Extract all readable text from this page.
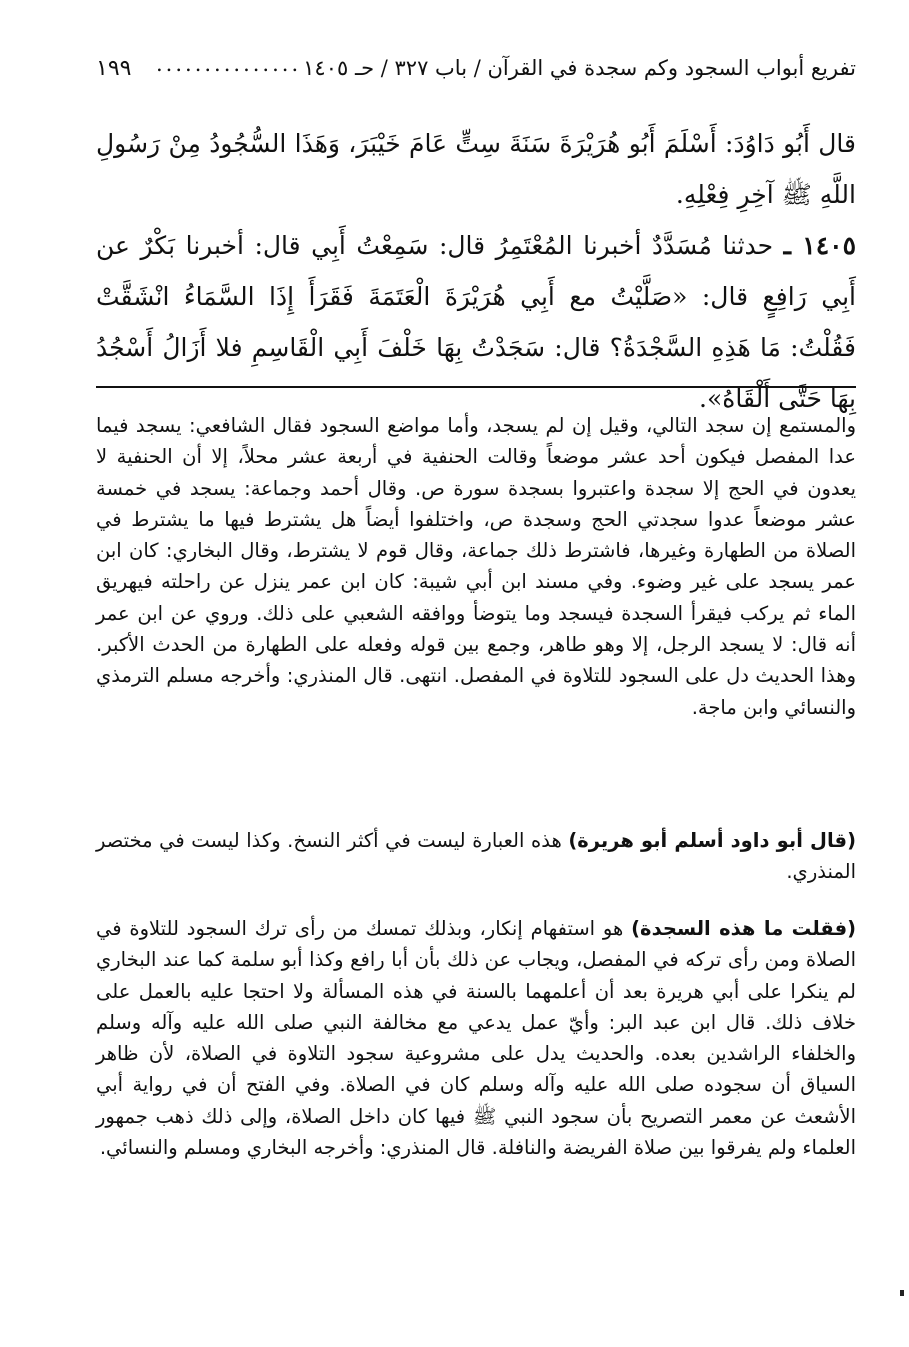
تفريع أبواب السجود وكم سجدة في القرآن / باب ٣٢٧ / حـ ١٤٠٥
...............
١٩٩

قال أَبُو دَاوُدَ: أَسْلَمَ أَبُو هُرَيْرَةَ سَنَةَ سِتٍّ عَامَ خَيْبَرَ، وَهَذَا السُّجُودُ مِنْ رَسُولِ اللَّهِ ﷺ آخِرِ فِعْلِهِ.

١٤٠٥ ـ حدثنا مُسَدَّدٌ أخبرنا المُعْتَمِرُ قال: سَمِعْتُ أَبِي قال: أخبرنا بَكْرٌ عن أَبِي رَافِعٍ قال: «صَلَّيْتُ مع أَبِي هُرَيْرَةَ الْعَتَمَةَ فَقَرَأَ إِذَا السَّمَاءُ انْشَقَّتْ فَقُلْتُ: مَا هَذِهِ السَّجْدَةُ؟ قال: سَجَدْتُ بِهَا خَلْفَ أَبِي الْقَاسِمِ فلا أَزَالُ أَسْجُدُ بِهَا حَتَّى أَلْقَاهُ».

والمستمع إن سجد التالي، وقيل إن لم يسجد، وأما مواضع السجود فقال الشافعي: يسجد فيما عدا المفصل فيكون أحد عشر موضعاً وقالت الحنفية في أربعة عشر محلاً، إلا أن الحنفية لا يعدون في الحج إلا سجدة واعتبروا بسجدة سورة ص. وقال أحمد وجماعة: يسجد في خمسة عشر موضعاً عدوا سجدتي الحج وسجدة ص، واختلفوا أيضاً هل يشترط فيها ما يشترط في الصلاة من الطهارة وغيرها، فاشترط ذلك جماعة، وقال قوم لا يشترط، وقال البخاري: كان ابن عمر يسجد على غير وضوء. وفي مسند ابن أبي شيبة: كان ابن عمر ينزل عن راحلته فيهريق الماء ثم يركب فيقرأ السجدة فيسجد وما يتوضأ ووافقه الشعبي على ذلك. وروي عن ابن عمر أنه قال: لا يسجد الرجل، إلا وهو طاهر، وجمع بين قوله وفعله على الطهارة من الحدث الأكبر. وهذا الحديث دل على السجود للتلاوة في المفصل. انتهى. قال المنذري: وأخرجه مسلم الترمذي والنسائي وابن ماجة.

(قال أبو داود أسلم أبو هريرة) هذه العبارة ليست في أكثر النسخ. وكذا ليست في مختصر المنذري.

(فقلت ما هذه السجدة) هو استفهام إنكار، وبذلك تمسك من رأى ترك السجود للتلاوة في الصلاة ومن رأى تركه في المفصل، ويجاب عن ذلك بأن أبا رافع وكذا أبو سلمة كما عند البخاري لم ينكرا على أبي هريرة بعد أن أعلمهما بالسنة في هذه المسألة ولا احتجا عليه بالعمل على خلاف ذلك. قال ابن عبد البر: وأيّ عمل يدعي مع مخالفة النبي صلى الله عليه وآله وسلم والخلفاء الراشدين بعده. والحديث يدل على مشروعية سجود التلاوة في الصلاة، لأن ظاهر السياق أن سجوده صلى الله عليه وآله وسلم كان في الصلاة. وفي الفتح أن في رواية أبي الأشعث عن معمر التصريح بأن سجود النبي ﷺ فيها كان داخل الصلاة، وإلى ذلك ذهب جمهور العلماء ولم يفرقوا بين صلاة الفريضة والنافلة. قال المنذري: وأخرجه البخاري ومسلم والنسائي.
